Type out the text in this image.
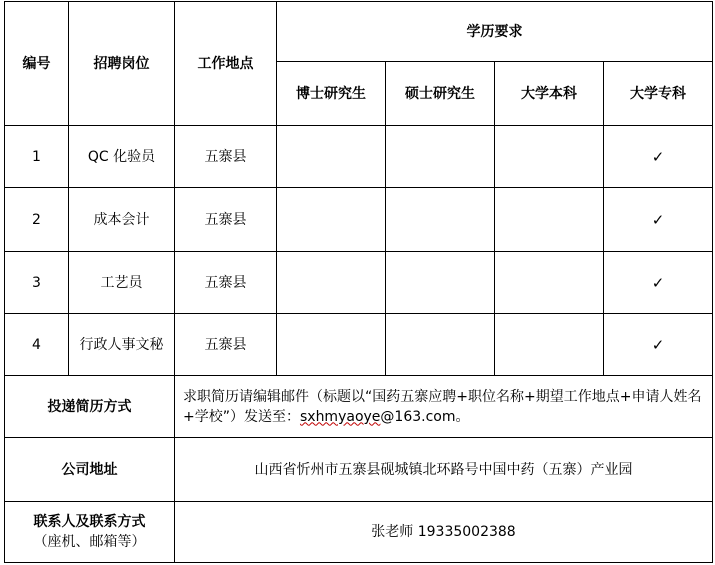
编号	招聘岗位	工作地点	学历要求			
			博士研究生	硕士研究生	大学本科	大学专科
1	QC 化验员	五寨县				✓
2	成本会计	五寨县				✓
3	工艺员	五寨县				✓
4	行政人事文秘	五寨县				✓
投递简历方式		求职简历请编辑邮件（标题以“国药五寨应聘+职位名称+期望工作地点+申请人姓名+学校”）发送至：sxhmyaoye@163.com。				
公司地址		山西省忻州市五寨县砚城镇北环路号中国中药（五寨）产业园				

联系人及联系方式
（座机、邮箱等）		张老师 19335002388				
